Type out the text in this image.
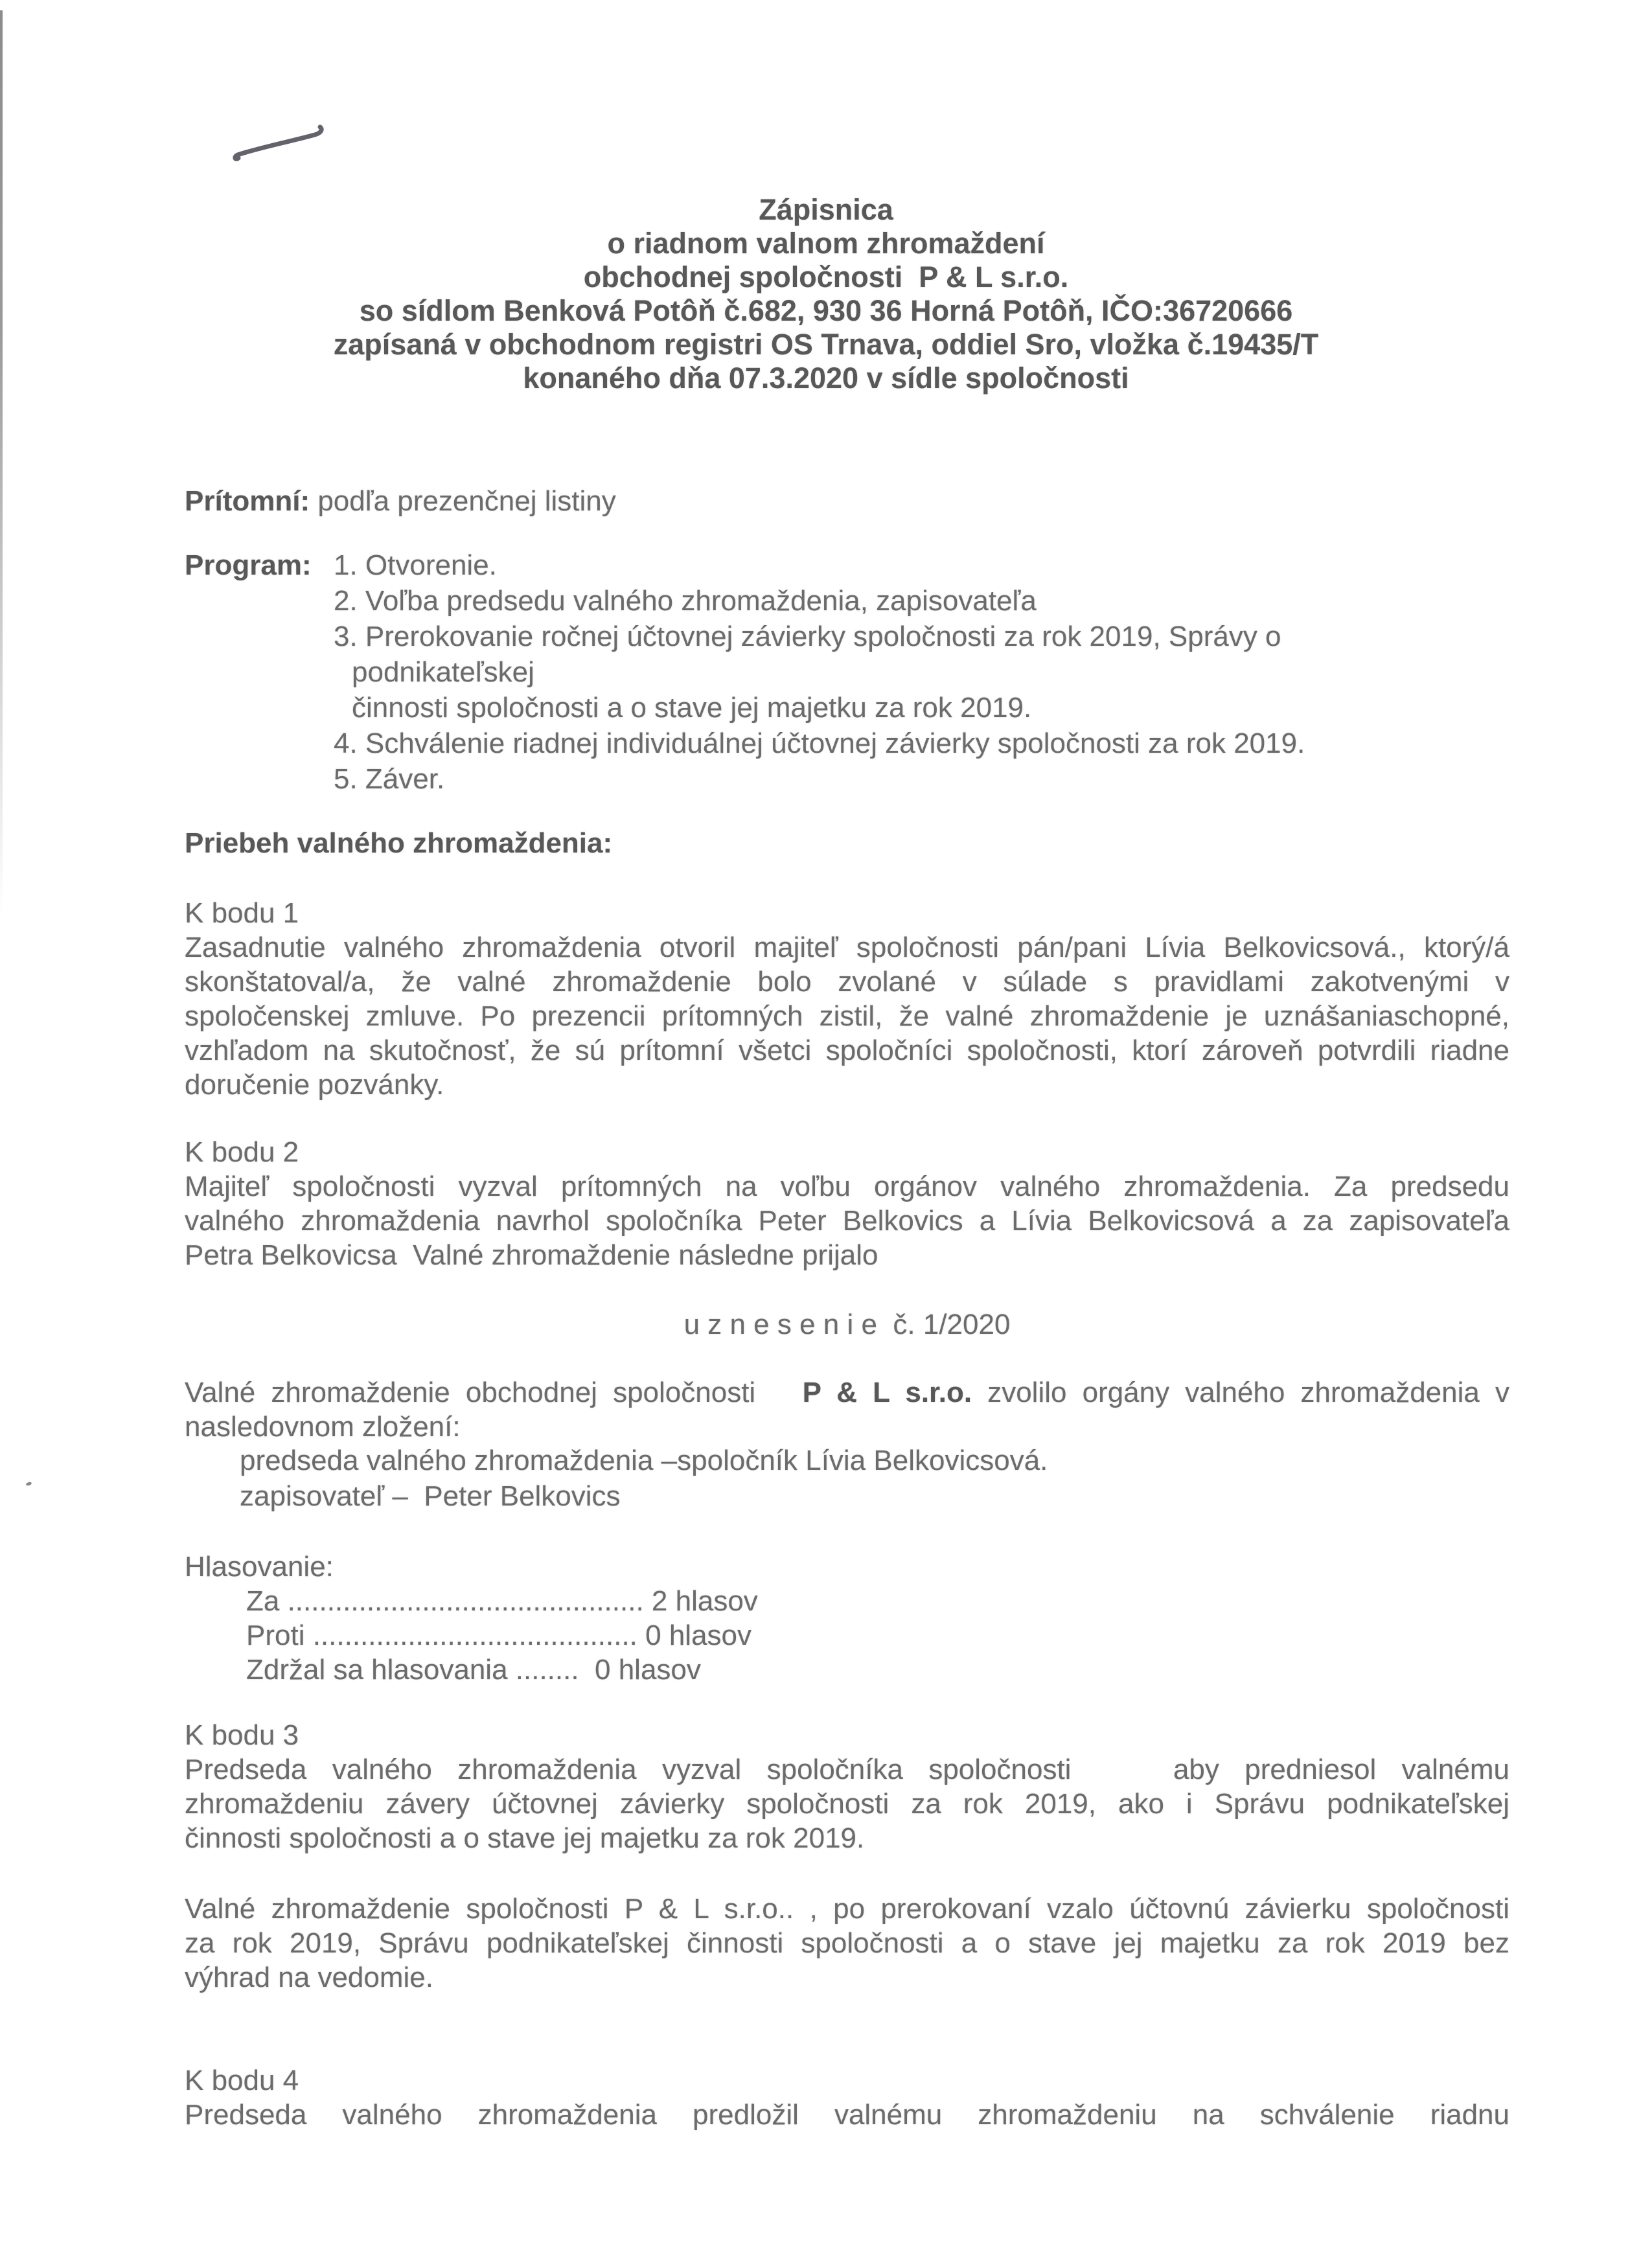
Zápisnica
o riadnom valnom zhromaždení
obchodnej spoločnosti  P & L s.r.o.
so sídlom Benková Potôň č.682, 930 36 Horná Potôň, IČO:36720666
zapísaná v obchodnom registri OS Trnava, oddiel Sro, vložka č.19435/T
konaného dňa 07.3.2020 v sídle spoločnosti
Prítomní: podľa prezenčnej listiny
Program: 1. Otvorenie.
2. Voľba predsedu valného zhromaždenia, zapisovateľa
3. Prerokovanie ročnej účtovnej závierky spoločnosti za rok 2019, Správy o
podnikateľskej
činnosti spoločnosti a o stave jej majetku za rok 2019.
4. Schválenie riadnej individuálnej účtovnej závierky spoločnosti za rok 2019.
5. Záver.
Priebeh valného zhromaždenia:
K bodu 1
Zasadnutie valného zhromaždenia otvoril majiteľ spoločnosti pán/pani Lívia Belkovicsová., ktorý/á
skonštatoval/a, že valné zhromaždenie bolo zvolané v súlade s pravidlami zakotvenými v
spoločenskej zmluve. Po prezencii prítomných zistil, že valné zhromaždenie je uznášaniaschopné,
vzhľadom na skutočnosť, že sú prítomní všetci spoločníci spoločnosti, ktorí zároveň potvrdili riadne
doručenie pozvánky.
K bodu 2
Majiteľ spoločnosti vyzval prítomných na voľbu orgánov valného zhromaždenia. Za predsedu
valného zhromaždenia navrhol spoločníka Peter Belkovics a Lívia Belkovicsová a za zapisovateľa
Petra Belkovicsa  Valné zhromaždenie následne prijalo
u z n e s e n i e  č. 1/2020
Valné zhromaždenie obchodnej spoločnosti   P & L s.r.o. zvolilo orgány valného zhromaždenia v
nasledovnom zložení:
predseda valného zhromaždenia –spoločník Lívia Belkovicsová.
zapisovateľ –  Peter Belkovics
Hlasovanie:
Za ............................................. 2 hlasov
Proti ......................................... 0 hlasov
Zdržal sa hlasovania ........  0 hlasov
K bodu 3
Predseda valného zhromaždenia vyzval spoločníka spoločnosti    aby predniesol valnému
zhromaždeniu závery účtovnej závierky spoločnosti za rok 2019, ako i Správu podnikateľskej
činnosti spoločnosti a o stave jej majetku za rok 2019.
Valné zhromaždenie spoločnosti P & L s.r.o.. , po prerokovaní vzalo účtovnú závierku spoločnosti
za rok 2019, Správu podnikateľskej činnosti spoločnosti a o stave jej majetku za rok 2019 bez
výhrad na vedomie.
K bodu 4
Predseda valného zhromaždenia predložil valnému zhromaždeniu na schválenie riadnu
